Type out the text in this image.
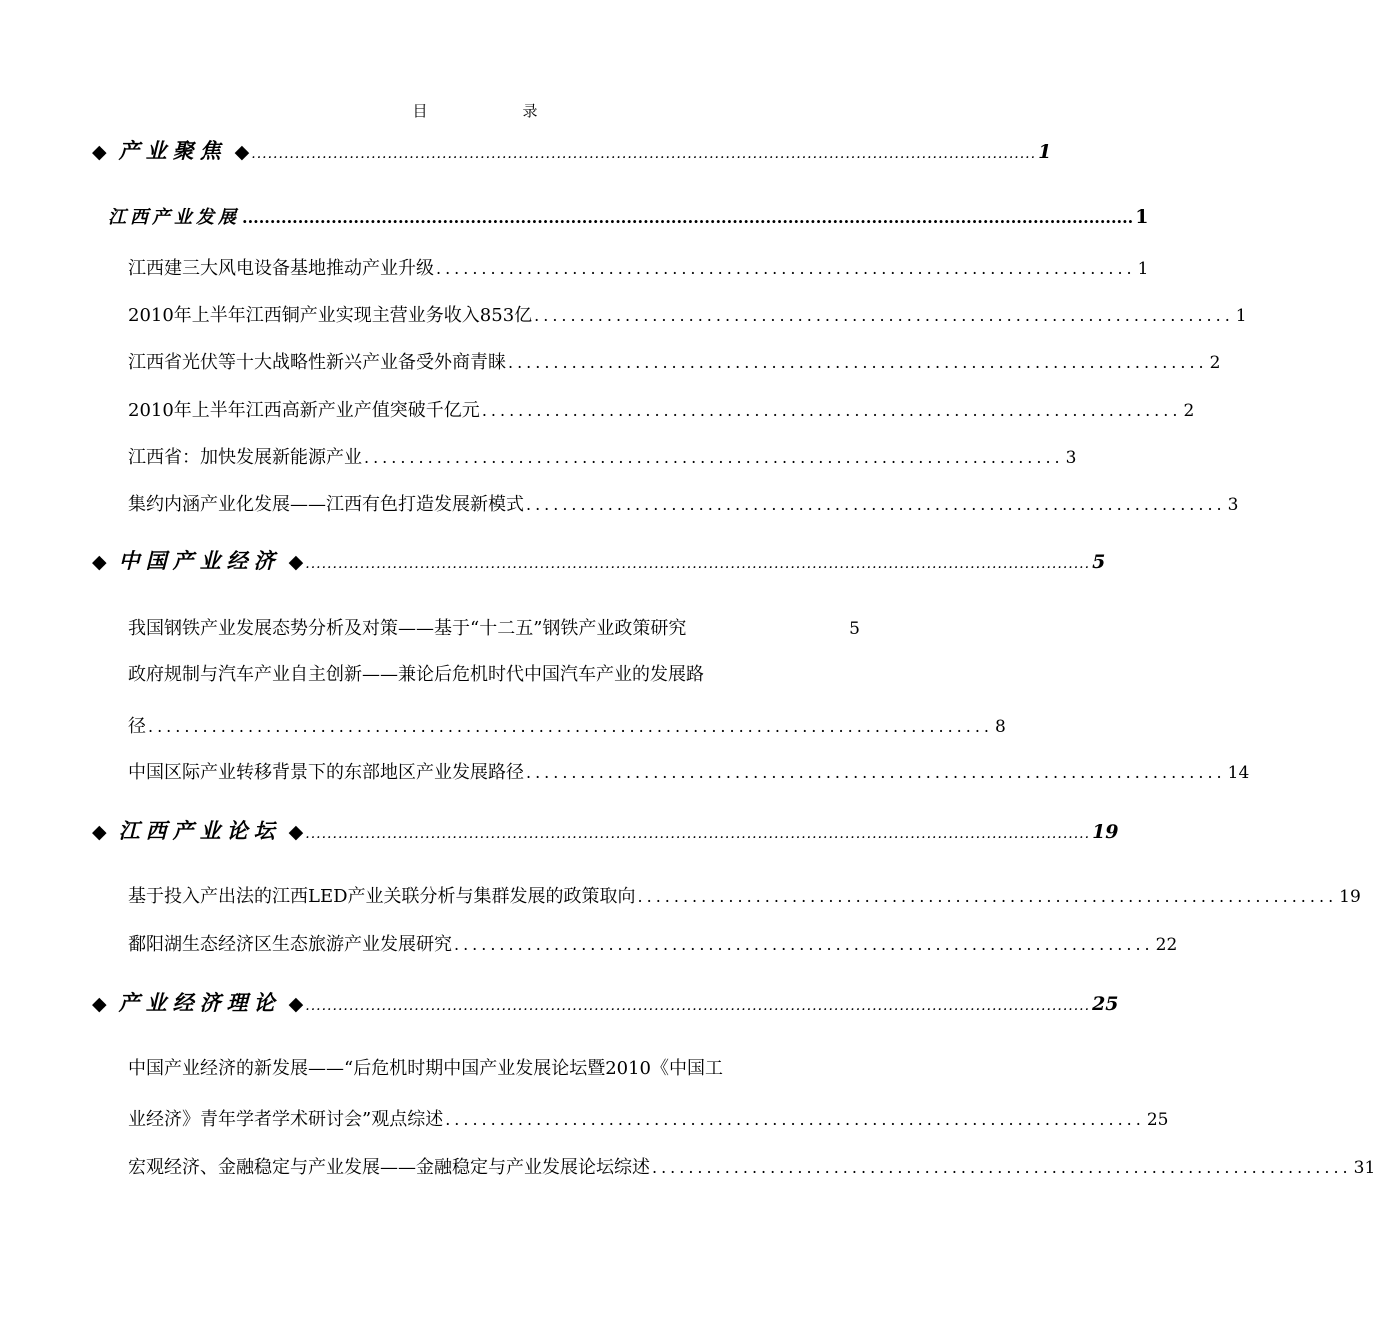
目　录
◆ 产业聚焦 ◆ ................................................................................................................................................ 1
江西产业发展 ................................................................................................................................................................ 1
江西建三大风电设备基地推动产业升级 ............................................................................. 1
2010年上半年江西铜产业实现主营业务收入853亿 ............................................................................. 1
江西省光伏等十大战略性新兴产业备受外商青睐 ............................................................................. 2
2010年上半年江西高新产业产值突破千亿元 ............................................................................. 2
江西省：加快发展新能源产业 ............................................................................. 3
集约内涵产业化发展——江西有色打造发展新模式 ............................................................................. 3
◆ 中国产业经济 ◆ ................................................................................................................................................ 5
我国钢铁产业发展态势分析及对策——基于“十二五”钢铁产业政策研究	5
政府规制与汽车产业自主创新——兼论后危机时代中国汽车产业的发展路
径 ............................................................................................. 8
中国区际产业转移背景下的东部地区产业发展路径 ............................................................................. 14
◆ 江西产业论坛 ◆ ................................................................................................................................................ 19
基于投入产出法的江西LED产业关联分析与集群发展的政策取向 ............................................................................. 19
鄱阳湖生态经济区生态旅游产业发展研究 ............................................................................. 22
◆ 产业经济理论 ◆ ................................................................................................................................................ 25
中国产业经济的新发展——“后危机时期中国产业发展论坛暨2010《中国工
业经济》青年学者学术研讨会”观点综述 ............................................................................. 25
宏观经济、金融稳定与产业发展——金融稳定与产业发展论坛综述 ............................................................................. 31
